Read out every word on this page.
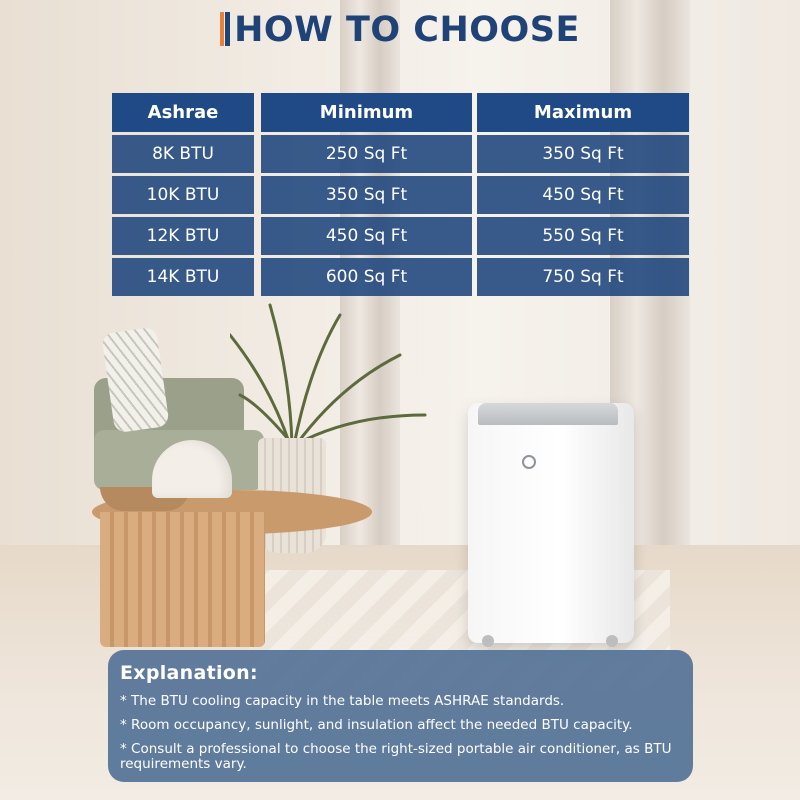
HOW TO CHOOSE
Ashrae	Minimum	Maximum
8K BTU	250 Sq Ft	350 Sq Ft
10K BTU	350 Sq Ft	450 Sq Ft
12K BTU	450 Sq Ft	550 Sq Ft
14K BTU	600 Sq Ft	750 Sq Ft
Explanation:

* The BTU cooling capacity in the table meets ASHRAE standards.

* Room occupancy, sunlight, and insulation affect the needed BTU capacity.

* Consult a professional to choose the right-sized portable air conditioner, as BTU requirements vary.
